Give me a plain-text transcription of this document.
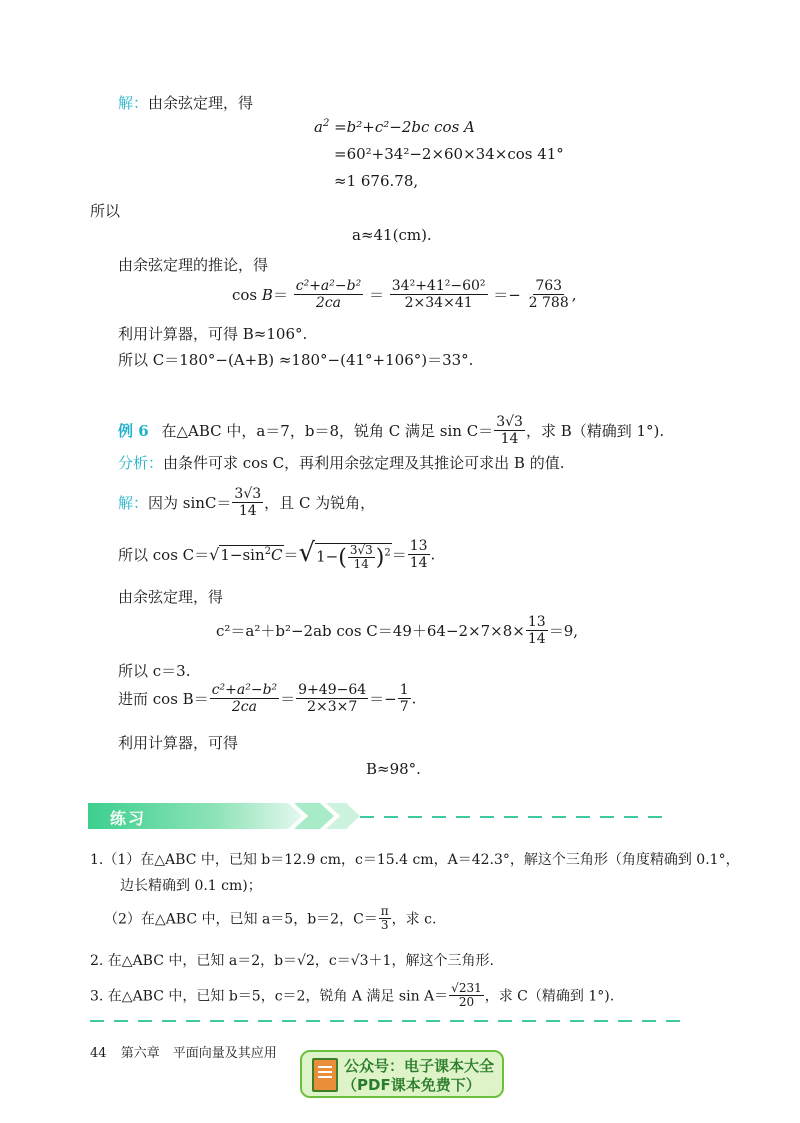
解：由余弦定理，得
$a^2 =b^2+c^2-2bc$ cos A
=60²+34²−2×60×34×cos 41°
≈1 676.78,
所以
a≈41(cm).
由余弦定理的推论，得
$\cos B= \frac{\text{c²+a²−b²}}{2ca} = \frac{\text{34²+41²−60²}}{2\times 34\times 41} =- \frac{763}{2 788}$ ,
利用计算器，可得 B≈106°.
所以 C＝180°−(A+B) ≈180°−(41°+106°)＝33°.
例 6 在△ABC 中，a＝7，b＝8，锐角 C 满足 $\sin C= \frac{3√3}{14}$ ，求 B（精确到 1°).
分析：由条件可求 cos C，再利用余弦定理及其推论可求出 B 的值.
解：因为 $\sin C= \frac{3√3}{14}$ ，且 C 为锐角，
所以 $\cos C=√1-\sin^2C=√1-( \frac{3√3}{14} )^2= \frac{13}{14}$ .
由余弦定理，得
c²＝a²＋b²−2ab $\cos C=49+64-2\times 7\times 8\times \frac{13}{14} =9$,
所以 c＝3.
进而 $\cos B= \frac{\text{c²+a²−b²}}{2ca} = \frac{9+49-64}{2\times 3\times 7} =- \frac{1}{7}$ .
利用计算器，可得
B≈98°.
练习
1.（1）在△ABC 中，已知 b＝12.9 cm，c＝15.4 cm，A＝42.3°，解这个三角形（角度精确到 0.1°，
边长精确到 0.1 cm)；
（2）在△ABC 中，已知 a＝5，b＝2，$C= \frac{\pi}{3}$ ，求 c.
2. 在△ABC 中，已知 a＝2，b＝√2，c＝√3＋1，解这个三角形.
3. 在△ABC 中，已知 b＝5，c＝2，锐角 A 满足 $\sin A= \frac{√231}{20}$ ，求 C（精确到 1°).
44 第六章　平面向量及其应用
公众号：电子课本大全
（PDF课本免费下）
